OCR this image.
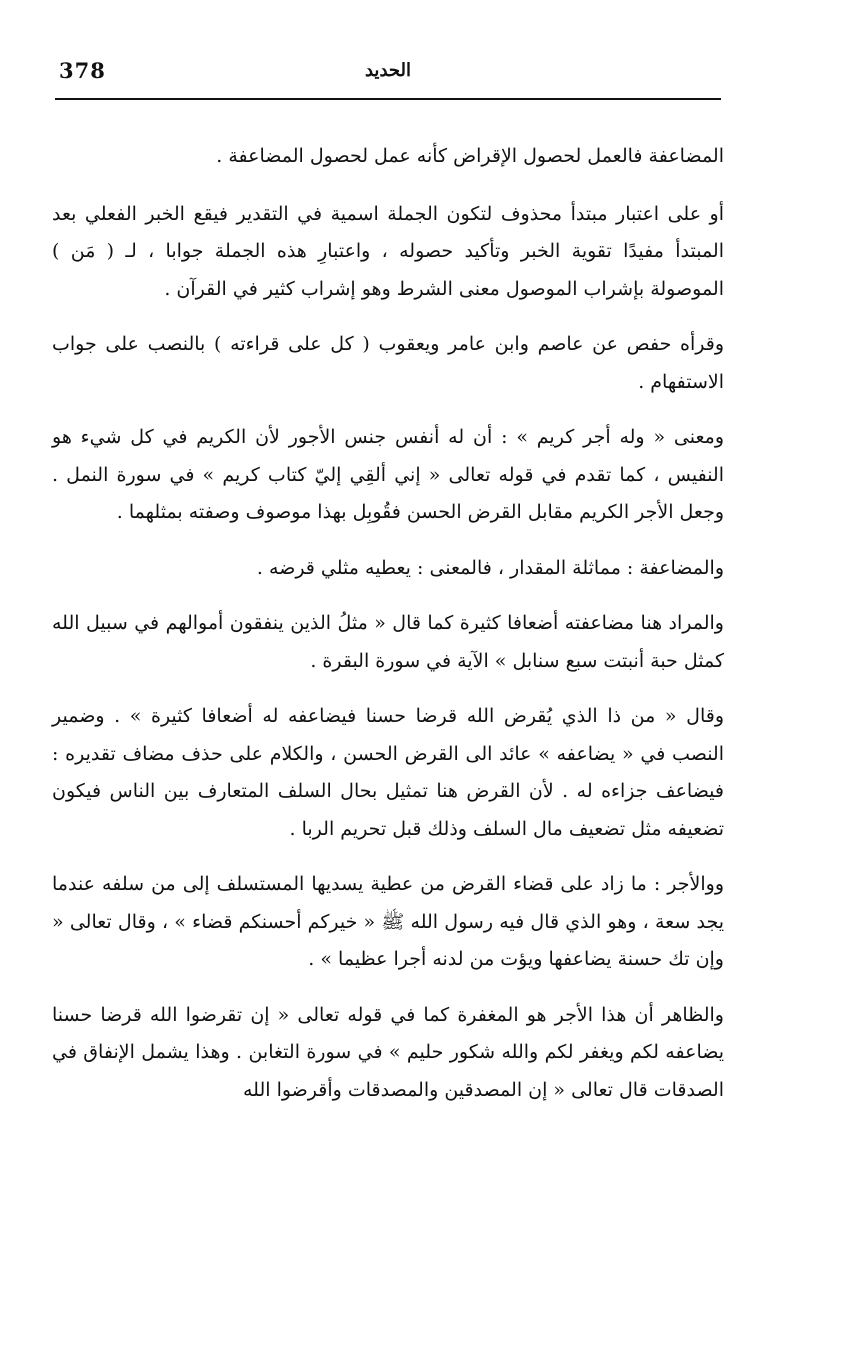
378	الحديد

المضاعفة فالعمل لحصول الإقراض كأنه عمل لحصول المضاعفة .

أو على اعتبار مبتدأ محذوف لتكون الجملة اسمية في التقدير فيقع الخبر الفعلي بعد المبتدأ مفيدًا تقوية الخبر وتأكيد حصوله ، واعتبارِ هذه الجملة جوابا ، لـ ( مَن ) الموصولة بإشراب الموصول معنى الشرط وهو إشراب كثير في القرآن .

وقرأه حفص عن عاصم وابن عامر ويعقوب ( كل على قراءته ) بالنصب على جواب الاستفهام .

ومعنى « وله أجر كريم » : أن له أنفس جنس الأجور لأن الكريم في كل شيء هو النفيس ، كما تقدم في قوله تعالى « إني ألقِي إليّ كتاب كريم » في سورة النمل . وجعل الأجر الكريم مقابل القرض الحسن فقُوبِل بهذا موصوف وصفته بمثلهما .

والمضاعفة : مماثلة المقدار ، فالمعنى : يعطيه مثلي قرضه .

والمراد هنا مضاعفته أضعافا كثيرة كما قال « مثلُ الذين ينفقون أموالهم في سبيل الله كمثل حبة أنبتت سبع سنابل » الآية في سورة البقرة .

وقال « من ذا الذي يُقرض الله قرضا حسنا فيضاعفه له أضعافا كثيرة » . وضمير النصب في « يضاعفه » عائد الى القرض الحسن ، والكلام على حذف مضاف تقديره : فيضاعف جزاءه له . لأن القرض هنا تمثيل بحال السلف المتعارف بين الناس فيكون تضعيفه مثل تضعيف مال السلف وذلك قبل تحريم الربا .

ووالأجر : ما زاد على قضاء القرض من عطية يسديها المستسلف إلى من سلفه عندما يجد سعة ، وهو الذي قال فيه رسول الله ﷺ « خيركم أحسنكم قضاء » ، وقال تعالى « وإن تك حسنة يضاعفها ويؤت من لدنه أجرا عظيما » .

والظاهر أن هذا الأجر هو المغفرة كما في قوله تعالى « إن تقرضوا الله قرضا حسنا يضاعفه لكم ويغفر لكم والله شكور حليم » في سورة التغابن . وهذا يشمل الإنفاق في الصدقات قال تعالى « إن المصدقين والمصدقات وأقرضوا الله
